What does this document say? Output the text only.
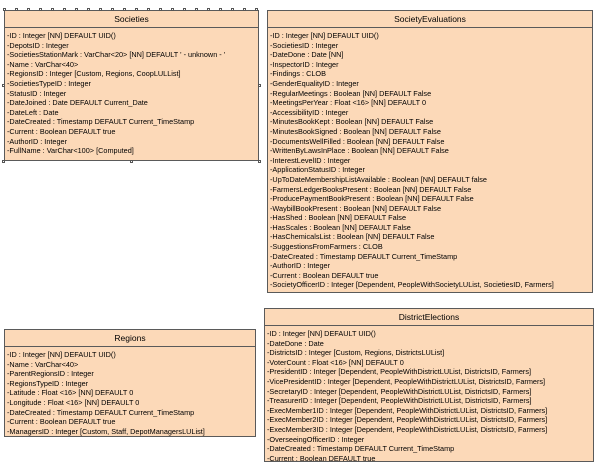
Societies
-ID : Integer [NN] DEFAULT UID()
-DepotsID : Integer
-SocietiesStationMark : VarChar<20> [NN] DEFAULT ' - unknown - '
-Name : VarChar<40>
-RegionsID : Integer [Custom, Regions, CoopLULList]
-SocietiesTypeID : Integer
-StatusID : Integer
-DateJoined : Date DEFAULT Current_Date
-DateLeft : Date
-DateCreated : Timestamp DEFAULT Current_TimeStamp
-Current : Boolean DEFAULT true
-AuthorID : Integer
-FullName : VarChar<100> [Computed]
SocietyEvaluations
-ID : Integer [NN] DEFAULT UID()
-SocietiesID : Integer
-DateDone : Date [NN]
-InspectorID : Integer
-Findings : CLOB
-GenderEqualityID : Integer
-RegularMeetings : Boolean [NN] DEFAULT False
-MeetingsPerYear : Float <16> [NN] DEFAULT 0
-AccessibilityID : Integer
-MinutesBookKept : Boolean [NN] DEFAULT False
-MinutesBookSigned : Boolean [NN] DEFAULT False
-DocumentsWellFilled : Boolean [NN] DEFAULT False
-WrittenByLawsInPlace : Boolean [NN] DEFAULT False
-InterestLevelID : Integer
-ApplicationStatusID : Integer
-UpToDateMembershipListAvailable : Boolean [NN] DEFAULT false
-FarmersLedgerBooksPresent : Boolean [NN] DEFAULT False
-ProducePaymentBookPresent : Boolean [NN] DEFAULT False
-WaybillBookPresent : Boolean [NN] DEFAULT False
-HasShed : Boolean [NN] DEFAULT False
-HasScales : Boolean [NN] DEFAULT False
-HasChemicalsList : Boolean [NN] DEFAULT False
-SuggestionsFromFarmers : CLOB
-DateCreated : Timestamp DEFAULT Current_TimeStamp
-AuthorID : Integer
-Current : Boolean DEFAULT true
-SocietyOfficerID : Integer [Dependent, PeopleWithSocietyLUList, SocietiesID, Farmers]
Regions
-ID : Integer [NN] DEFAULT UID()
-Name : VarChar<40>
-ParentRegionsID : Integer
-RegionsTypeID : Integer
-Latitude : Float <16> [NN] DEFAULT 0
-Longitude : Float <16> [NN] DEFAULT 0
-DateCreated : Timestamp DEFAULT Current_TimeStamp
-Current : Boolean DEFAULT true
-ManagersID : Integer [Custom, Staff, DepotManagersLUList]
DistrictElections
-ID : Integer [NN] DEFAULT UID()
-DateDone : Date
-DistrictsID : Integer [Custom, Regions, DistrictsLUList]
-VoterCount : Float <16> [NN] DEFAULT 0
-PresidentID : Integer [Dependent, PeopleWithDistrictLUList, DistrictsID, Farmers]
-VicePresidentID : Integer [Dependent, PeopleWithDistrictLUList, DistrictsID, Farmers]
-SecretaryID : Integer [Dependent, PeopleWithDistrictLUList, DistrictsID, Farmers]
-TreasurerID : Integer [Dependent, PeopleWithDistrictLUList, DistrictsID, Farmers]
-ExecMember1ID : Integer [Dependent, PeopleWithDistrictLUList, DistrictsID, Farmers]
-ExecMember2ID : Integer [Dependent, PeopleWithDistrictLUList, DistrictsID, Farmers]
-ExecMember3ID : Integer [Dependent, PeopleWithDistrictLUList, DistrictsID, Farmers]
-OverseeingOfficerID : Integer
-DateCreated : Timestamp DEFAULT Current_TimeStamp
-Current : Boolean DEFAULT true
